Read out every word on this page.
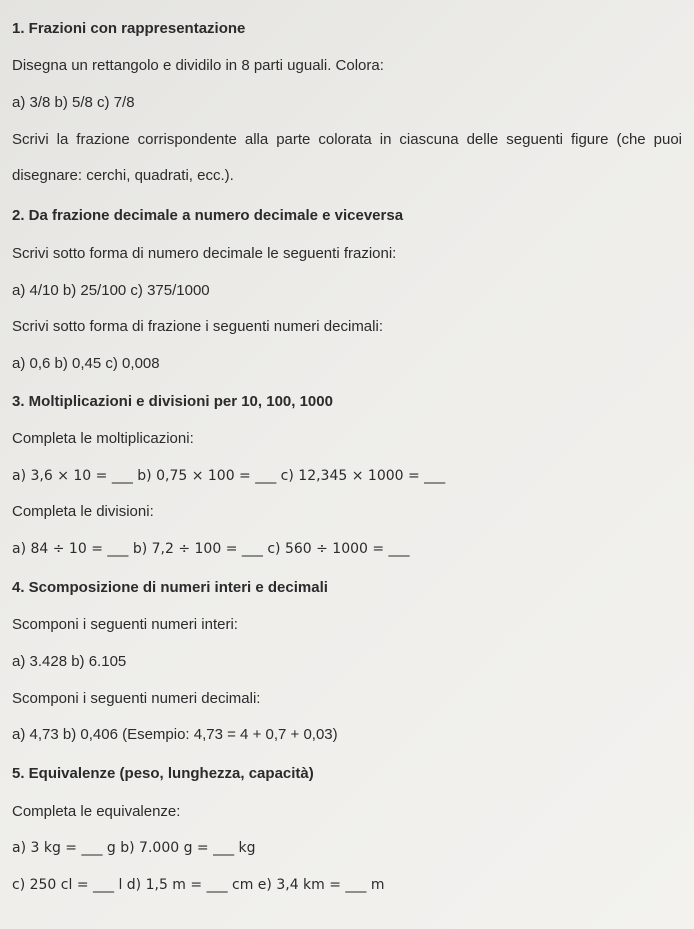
1. Frazioni con rappresentazione
Disegna un rettangolo e dividilo in 8 parti uguali. Colora:
a) 3/8 b) 5/8 c) 7/8
Scrivi la frazione corrispondente alla parte colorata in ciascuna delle seguenti figure (che puoi
disegnare: cerchi, quadrati, ecc.).
2. Da frazione decimale a numero decimale e viceversa
Scrivi sotto forma di numero decimale le seguenti frazioni:
a) 4/10 b) 25/100 c) 375/1000
Scrivi sotto forma di frazione i seguenti numeri decimali:
a) 0,6 b) 0,45 c) 0,008
3. Moltiplicazioni e divisioni per 10, 100, 1000
Completa le moltiplicazioni:
a) 3,6 × 10 = ___ b) 0,75 × 100 = ___ c) 12,345 × 1000 = ___
Completa le divisioni:
a) 84 ÷ 10 = ___ b) 7,2 ÷ 100 = ___ c) 560 ÷ 1000 = ___
4. Scomposizione di numeri interi e decimali
Scomponi i seguenti numeri interi:
a) 3.428 b) 6.105
Scomponi i seguenti numeri decimali:
a) 4,73 b) 0,406 (Esempio: 4,73 = 4 + 0,7 + 0,03)
5. Equivalenze (peso, lunghezza, capacità)
Completa le equivalenze:
a) 3 kg = ___ g b) 7.000 g = ___ kg
c) 250 cl = ___ l d) 1,5 m = ___ cm e) 3,4 km = ___ m
